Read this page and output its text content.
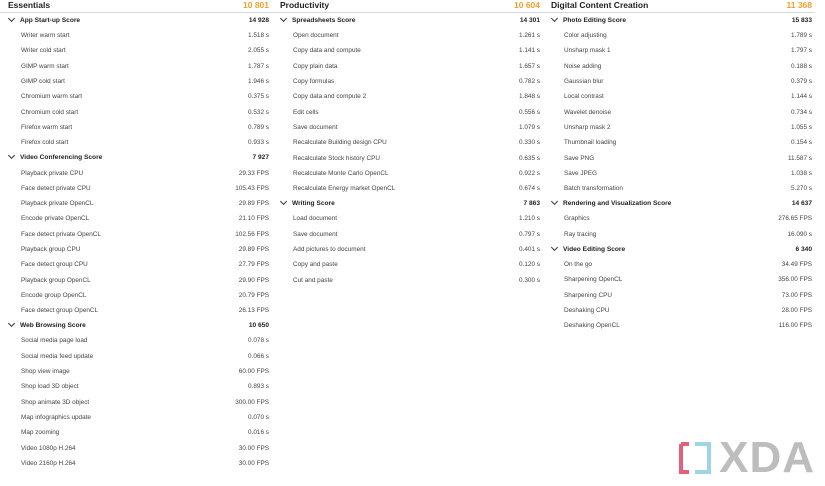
Essentials	10 801
App Start-up Score	14 928
Writer warm start	1.518 s
Writer cold start	2.055 s
GIMP warm start	1.787 s
GIMP cold start	1.946 s
Chromium warm start	0.375 s
Chromium cold start	0.532 s
Firefox warm start	0.789 s
Firefox cold start	0.933 s
Video Conferencing Score	7 927
Playback private CPU	29.33 FPS
Face detect private CPU	105.43 FPS
Playback private OpenCL	29.89 FPS
Encode private OpenCL	21.10 FPS
Face detect private OpenCL	102.56 FPS
Playback group CPU	29.89 FPS
Face detect group CPU	27.79 FPS
Playback group OpenCL	29.90 FPS
Encode group OpenCL	20.79 FPS
Face detect group OpenCL	26.13 FPS
Web Browsing Score	10 650
Social media page load	0.078 s
Social media feed update	0.066 s
Shop view image	60.00 FPS
Shop load 3D object	0.893 s
Shop animate 3D object	300.00 FPS
Map infographics update	0.070 s
Map zooming	0.016 s
Video 1080p H.264	30.00 FPS
Video 2160p H.264	30.00 FPS
Productivity	10 604
Spreadsheets Score	14 301
Open document	1.261 s
Copy data and compute	1.141 s
Copy plain data	1.657 s
Copy formulas	0.782 s
Copy data and compute 2	1.848 s
Edit cells	0.556 s
Save document	1.079 s
Recalculate Building design CPU	0.330 s
Recalculate Stock history CPU	0.635 s
Recalculate Monte Carlo OpenCL	0.922 s
Recalculate Energy market OpenCL	0.674 s
Writing Score	7 863
Load document	1.210 s
Save document	0.797 s
Add pictures to document	0.401 s
Copy and paste	0.120 s
Cut and paste	0.300 s
Digital Content Creation	11 368
Photo Editing Score	15 833
Color adjusting	1.789 s
Unsharp mask 1	1.797 s
Noise adding	0.188 s
Gaussian blur	0.379 s
Local contrast	1.144 s
Wavelet denoise	0.734 s
Unsharp mask 2	1.055 s
Thumbnail loading	0.154 s
Save PNG	11.587 s
Save JPEG	1.038 s
Batch transformation	5.270 s
Rendering and Visualization Score	14 637
Graphics	276.65 FPS
Ray tracing	16.090 s
Video Editing Score	6 340
On the go	34.49 FPS
Sharpening OpenCL	356.00 FPS
Sharpening CPU	73.00 FPS
Deshaking CPU	28.00 FPS
Deshaking OpenCL	116.00 FPS
XDA
